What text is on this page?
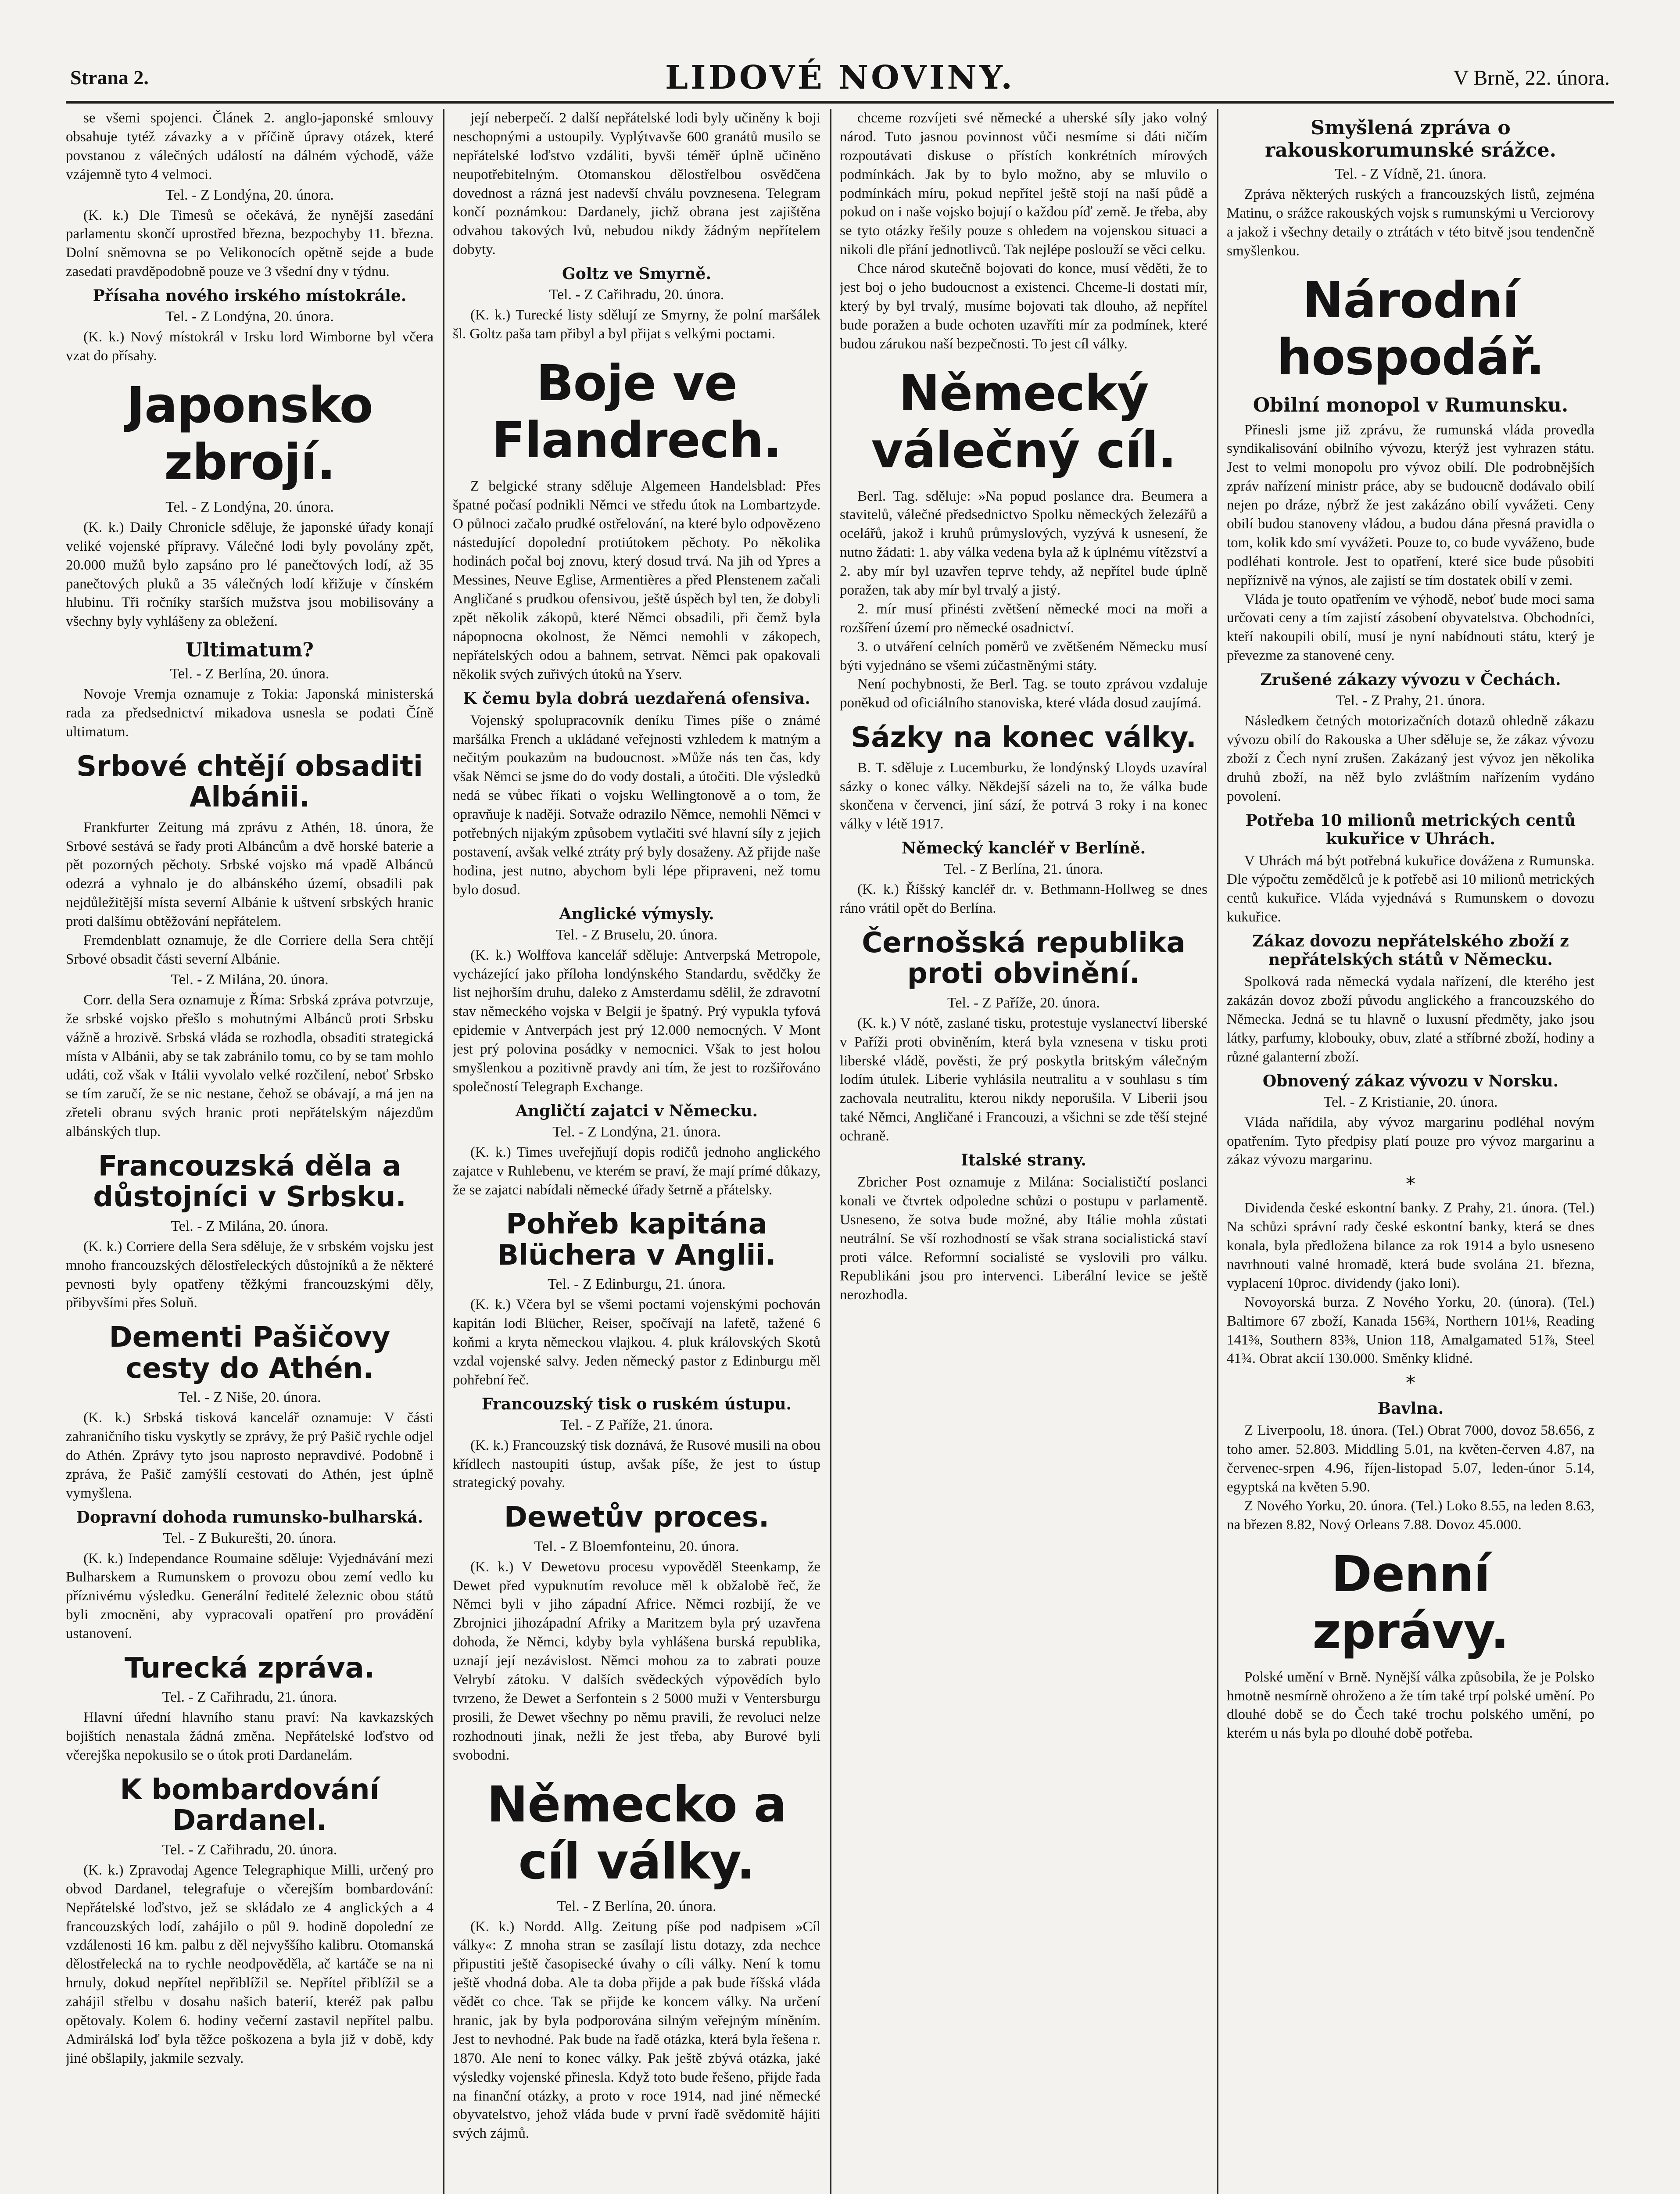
Strana 2.	LIDOVÉ NOVINY.	V Brně, 22. února.

se všemi spojenci. Článek 2. anglo-japonské smlouvy obsahuje tytéž závazky a v příčině úpravy otázek, které povstanou z válečných událostí na dálném východě, váže vzájemně tyto 4 velmoci.

Tel. - Z Londýna, 20. února.

(K. k.) Dle Timesů se očekává, že nynější zasedání parlamentu skončí uprostřed března, bezpochyby 11. března. Dolní sněmovna se po Velikonocích opětně sejde a bude zasedati pravděpodobně pouze ve 3 všední dny v týdnu.

Přísaha nového irského místokrále.
Tel. - Z Londýna, 20. února.

(K. k.) Nový místokrál v Irsku lord Wimborne byl včera vzat do přísahy.

Japonsko zbrojí.
Tel. - Z Londýna, 20. února.

(K. k.) Daily Chronicle sděluje, že japonské úřady konají veliké vojenské přípravy. Válečné lodi byly povolány zpět, 20.000 mužů bylo zapsáno pro lé panečtových lodí, až 35 panečtových pluků a 35 válečných lodí křižuje v čínském hlubinu. Tři ročníky starších mužstva jsou mobilisovány a všechny byly vyhlášeny za obležení.

Ultimatum?
Tel. - Z Berlína, 20. února.

Novoje Vremja oznamuje z Tokia: Japonská ministerská rada za předsednictví mikadova usnesla se podati Číně ultimatum.

Srbové chtějí obsaditi Albánii.

Frankfurter Zeitung má zprávu z Athén, 18. února, že Srbové sestává se řady proti Albáncům a dvě horské baterie a pět pozorných pěchoty. Srbské vojsko má vpadě Albánců odezrá a vyhnalo je do albánského území, obsadili pak nejdůležitější místa severní Albánie k uštvení srbských hranic proti dalšímu obtěžování nepřátelem.

Fremdenblatt oznamuje, že dle Corriere della Sera chtějí Srbové obsadit části severní Albánie.

Tel. - Z Milána, 20. února.

Corr. della Sera oznamuje z Říma: Srbská zpráva potvrzuje, že srbské vojsko přešlo s mohutnými Albánců proti Srbsku vážně a hrozivě. Srbská vláda se rozhodla, obsaditi strategická místa v Albánii, aby se tak zabránilo tomu, co by se tam mohlo udáti, což však v Itálii vyvolalo velké rozčilení, neboť Srbsko se tím zaručí, že se nic nestane, čehož se obávají, a má jen na zřeteli obranu svých hranic proti nepřátelským nájezdům albánských tlup.

Francouzská děla a důstojníci v Srbsku.
Tel. - Z Milána, 20. února.

(K. k.) Corriere della Sera sděluje, že v srbském vojsku jest mnoho francouzských dělostřeleckých důstojníků a že některé pevnosti byly opatřeny těžkými francouzskými děly, přibyvšími přes Soluň.

Dementi Pašičovy cesty do Athén.
Tel. - Z Niše, 20. února.

(K. k.) Srbská tisková kancelář oznamuje: V části zahraničního tisku vyskytly se zprávy, že prý Pašič rychle odjel do Athén. Zprávy tyto jsou naprosto nepravdivé. Podobně i zpráva, že Pašič zamýšlí cestovati do Athén, jest úplně vymyšlena.

Dopravní dohoda rumunsko-bulharská.
Tel. - Z Bukurešti, 20. února.

(K. k.) Independance Roumaine sděluje: Vyjednávání mezi Bulharskem a Rumunskem o provozu obou zemí vedlo ku příznivému výsledku. Generální ředitelé železnic obou států byli zmocněni, aby vypracovali opatření pro provádění ustanovení.

Turecká zpráva.
Tel. - Z Cařihradu, 21. února.

Hlavní úřední hlavního stanu praví: Na kavkazských bojištích nenastala žádná změna. Nepřátelské loďstvo od včerejška nepokusilo se o útok proti Dardanelám.

K bombardování Dardanel.
Tel. - Z Cařihradu, 20. února.

(K. k.) Zpravodaj Agence Telegraphique Milli, určený pro obvod Dardanel, telegrafuje o včerejším bombardování: Nepřátelské loďstvo, jež se skládalo ze 4 anglických a 4 francouzských lodí, zahájilo o půl 9. hodině dopolední ze vzdálenosti 16 km. palbu z děl nejvyššího kalibru. Otomanská dělostřelecká na to rychle neodpověděla, ač kartáče se na ni hrnuly, dokud nepřítel nepřiblížil se. Nepřítel přiblížil se a zahájil střelbu v dosahu našich baterií, kteréž pak palbu opětovaly. Kolem 6. hodiny večerní zastavil nepřítel palbu. Admirálská loď byla těžce poškozena a byla již v době, kdy jiné obšlapily, jakmile sezvaly.

její neberpečí. 2 další nepřátelské lodi byly učiněny k boji neschopnými a ustoupily. Vyplýtvavše 600 granátů musilo se nepřátelské loďstvo vzdáliti, byvši téměř úplně učiněno neupotřebitelným. Otomanskou dělostřelbou osvědčena dovednost a rázná jest nadevší chválu povznesena. Telegram končí poznámkou: Dardanely, jichž obrana jest zajištěna odvahou takových lvů, nebudou nikdy žádným nepřítelem dobyty.

Goltz ve Smyrně.
Tel. - Z Cařihradu, 20. února.

(K. k.) Turecké listy sdělují ze Smyrny, že polní maršálek šl. Goltz paša tam přibyl a byl přijat s velkými poctami.

Boje ve Flandrech.

Z belgické strany sděluje Algemeen Handelsblad: Přes špatné počasí podnikli Němci ve středu útok na Lombartzyde. O půlnoci začalo prudké ostřelování, na které bylo odpovězeno nástedující dopolední protiútokem pěchoty. Po několika hodinách počal boj znovu, který dosud trvá. Na jih od Ypres a Messines, Neuve Eglise, Armentières a před Plenstenem začali Angličané s prudkou ofensivou, ještě úspěch byl ten, že dobyli zpět několik zákopů, které Němci obsadili, při čemž byla nápopnocna okolnost, že Němci nemohli v zákopech, nepřátelských odou a bahnem, setrvat. Němci pak opakovali několik svých zuřivých útoků na Yserv.

K čemu byla dobrá uezdařená ofensiva.

Vojenský spolupracovník deníku Times píše o známé maršálka French a ukládané veřejnosti vzhledem k matným a nečitým poukazům na budoucnost. »Může nás ten čas, kdy však Němci se jsme do do vody dostali, a útočiti. Dle výsledků nedá se vůbec říkati o vojsku Wellingtonově a o tom, že opravňuje k naději. Sotvaže odrazilo Němce, nemohli Němci v potřebných nijakým způsobem vytlačiti své hlavní síly z jejich postavení, avšak velké ztráty prý byly dosaženy. Až přijde naše hodina, jest nutno, abychom byli lépe připraveni, než tomu bylo dosud.

Anglické výmysly.
Tel. - Z Bruselu, 20. února.

(K. k.) Wolffova kancelář sděluje: Antverpská Metropole, vycházející jako příloha londýnského Standardu, svědčky že list nejhorším druhu, daleko z Amsterdamu sdělil, že zdravotní stav německého vojska v Belgii je špatný. Prý vypukla tyfová epidemie v Antverpách jest prý 12.000 nemocných. V Mont jest prý polovina posádky v nemocnici. Však to jest holou smyšlenkou a pozitivně pravdy ani tím, že jest to rozšiřováno společností Telegraph Exchange.

Angličtí zajatci v Německu.
Tel. - Z Londýna, 21. února.

(K. k.) Times uveřejňují dopis rodičů jednoho anglického zajatce v Ruhlebenu, ve kterém se praví, že mají prímé důkazy, že se zajatci nabídali německé úřady šetrně a přátelsky.

Pohřeb kapitána Blüchera v Anglii.
Tel. - Z Edinburgu, 21. února.

(K. k.) Včera byl se všemi poctami vojenskými pochován kapitán lodi Blücher, Reiser, spočívají na lafetě, tažené 6 koňmi a kryta německou vlajkou. 4. pluk královských Skotů vzdal vojenské salvy. Jeden německý pastor z Edinburgu měl pohřební řeč.

Francouzský tisk o ruském ústupu.
Tel. - Z Paříže, 21. února.

(K. k.) Francouzský tisk doznává, že Rusové musili na obou křídlech nastoupiti ústup, avšak píše, že jest to ústup strategický povahy.

Dewetův proces.
Tel. - Z Bloemfonteinu, 20. února.

(K. k.) V Dewetovu procesu vypověděl Steenkamp, že Dewet před vypuknutím revoluce měl k obžalobě řeč, že Němci byli v jiho západní Africe. Němci rozbijí, že ve Zbrojnici jihozápadní Afriky a Maritzem byla prý uzavřena dohoda, že Němci, kdyby byla vyhlášena burská republika, uznají její nezávislost. Němci mohou za to zabrati pouze Velrybí zátoku. V dalších svědeckých výpovědích bylo tvrzeno, že Dewet a Serfontein s 2 5000 muži v Ventersburgu prosili, že Dewet všechny po němu pravili, že revoluci nelze rozhodnouti jinak, nežli že jest třeba, aby Burové byli svobodni.

Německo a cíl války.
Tel. - Z Berlína, 20. února.

(K. k.) Nordd. Allg. Zeitung píše pod nadpisem »Cíl války«: Z mnoha stran se zasílají listu dotazy, zda nechce připustiti ještě časopisecké úvahy o cíli války. Není k tomu ještě vhodná doba. Ale ta doba přijde a pak bude říšská vláda vědět co chce. Tak se přijde ke koncem války. Na určení hranic, jak by byla podporována silným veřejným míněním. Jest to nevhodné. Pak bude na řadě otázka, která byla řešena r. 1870. Ale není to konec války. Pak ještě zbývá otázka, jaké výsledky vojenské přinesla. Když toto bude řešeno, přijde řada na finanční otázky, a proto v roce 1914, nad jiné německé obyvatelstvo, jehož vláda bude v první řadě svědomitě hájiti svých zájmů.

chceme rozvíjeti své německé a uherské síly jako volný národ. Tuto jasnou povinnost vůči nesmíme si dáti ničím rozpoutávati diskuse o přístích konkrétních mírových podmínkách. Jak by to bylo možno, aby se mluvilo o podmínkách míru, pokud nepřítel ještě stojí na naší půdě a pokud on i naše vojsko bojují o každou píď země. Je třeba, aby se tyto otázky řešily pouze s ohledem na vojenskou situaci a nikoli dle přání jednotlivců. Tak nejlépe poslouží se věci celku.

Chce národ skutečně bojovati do konce, musí věděti, že to jest boj o jeho budoucnost a existenci. Chceme-li dostati mír, který by byl trvalý, musíme bojovati tak dlouho, až nepřítel bude poražen a bude ochoten uzavříti mír za podmínek, které budou zárukou naší bezpečnosti. To jest cíl války.

Německý válečný cíl.

Berl. Tag. sděluje: »Na popud poslance dra. Beumera a stavitelů, válečné předsednictvo Spolku německých železářů a ocelářů, jakož i kruhů průmyslových, vyzývá k usnesení, že nutno žádati: 1. aby válka vedena byla až k úplnému vítězství a 2. aby mír byl uzavřen teprve tehdy, až nepřítel bude úplně poražen, tak aby mír byl trvalý a jistý.

2. mír musí přinésti zvětšení německé moci na moři a rozšíření území pro německé osadnictví.

3. o utváření celních poměrů ve zvětšeném Německu musí býti vyjednáno se všemi zúčastněnými státy.

Není pochybnosti, že Berl. Tag. se touto zprávou vzdaluje poněkud od oficiálního stanoviska, které vláda dosud zaujímá.

Sázky na konec války.

B. T. sděluje z Lucemburku, že londýnský Lloyds uzavíral sázky o konec války. Někdejší sázeli na to, že válka bude skončena v červenci, jiní sází, že potrvá 3 roky i na konec války v létě 1917.

Německý kancléř v Berlíně.
Tel. - Z Berlína, 21. února.

(K. k.) Říšský kancléř dr. v. Bethmann-Hollweg se dnes ráno vrátil opět do Berlína.

Černošská republika proti obvinění.
Tel. - Z Paříže, 20. února.

(K. k.) V nótě, zaslané tisku, protestuje vyslanectví liberské v Paříži proti obviněním, která byla vznesena v tisku proti liberské vládě, pověsti, že prý poskytla britským válečným lodím útulek. Liberie vyhlásila neutralitu a v souhlasu s tím zachovala neutralitu, kterou nikdy neporušila. V Liberii jsou také Němci, Angličané i Francouzi, a všichni se zde těší stejné ochraně.

Italské strany.

Zbricher Post oznamuje z Milána: Socialističtí poslanci konali ve čtvrtek odpoledne schůzi o postupu v parlamentě. Usneseno, že sotva bude možné, aby Itálie mohla zůstati neutrální. Se vší rozhodností se však strana socialistická staví proti válce. Reformní socialisté se vyslovili pro válku. Republikáni jsou pro intervenci. Liberální levice se ještě nerozhodla.

Smyšlená zpráva o rakouskorumunské srážce.
Tel. - Z Vídně, 21. února.

Zpráva některých ruských a francouzských listů, zejména Matinu, o srážce rakouských vojsk s rumunskými u Verciorovy a jakož i všechny detaily o ztrátách v této bitvě jsou tendenčně smyšlenkou.

Národní hospodář.
Obilní monopol v Rumunsku.

Přinesli jsme již zprávu, že rumunská vláda provedla syndikalisování obilního vývozu, kterýž jest vyhrazen státu. Jest to velmi monopolu pro vývoz obilí. Dle podrobnějších zpráv nařízení ministr práce, aby se budoucně dodávalo obilí nejen po dráze, nýbrž že jest zakázáno obilí vyvážeti. Ceny obilí budou stanoveny vládou, a budou dána přesná pravidla o tom, kolik kdo smí vyvážeti. Pouze to, co bude vyváženo, bude podléhati kontrole. Jest to opatření, které sice bude působiti nepříznivě na výnos, ale zajistí se tím dostatek obilí v zemi.

Vláda je touto opatřením ve výhodě, neboť bude moci sama určovati ceny a tím zajistí zásobení obyvatelstva. Obchodníci, kteří nakoupili obilí, musí je nyní nabídnouti státu, který je převezme za stanovené ceny.

Zrušené zákazy vývozu v Čechách.
Tel. - Z Prahy, 21. února.

Následkem četných motorizačních dotazů ohledně zákazu vývozu obilí do Rakouska a Uher sděluje se, že zákaz vývozu zboží z Čech nyní zrušen. Zakázaný jest vývoz jen několika druhů zboží, na něž bylo zvláštním nařízením vydáno povolení.

Potřeba 10 milionů metrických centů kukuřice v Uhrách.

V Uhrách má být potřebná kukuřice dovážena z Rumunska. Dle výpočtu zemědělců je k potřebě asi 10 milionů metrických centů kukuřice. Vláda vyjednává s Rumunskem o dovozu kukuřice.

Zákaz dovozu nepřátelského zboží z nepřátelských států v Německu.

Spolková rada německá vydala nařízení, dle kterého jest zakázán dovoz zboží původu anglického a francouzského do Německa. Jedná se tu hlavně o luxusní předměty, jako jsou látky, parfumy, klobouky, obuv, zlaté a stříbrné zboží, hodiny a různé galanterní zboží.

Obnovený zákaz vývozu v Norsku.
Tel. - Z Kristianie, 20. února.

Vláda nařídila, aby vývoz margarinu podléhal novým opatřením. Tyto předpisy platí pouze pro vývoz margarinu a zákaz vývozu margarinu.

*

Dividenda české eskontní banky. Z Prahy, 21. února. (Tel.) Na schůzi správní rady české eskontní banky, která se dnes konala, byla předložena bilance za rok 1914 a bylo usneseno navrhnouti valné hromadě, která bude svolána 21. března, vyplacení 10proc. dividendy (jako loni).

Novoyorská burza. Z Nového Yorku, 20. (února). (Tel.) Baltimore 67 zboží, Kanada 156¾, Northern 101⅛, Reading 141⅜, Southern 83⅜, Union 118, Amalgamated 51⅞, Steel 41¾. Obrat akcií 130.000. Směnky klidné.

*
Bavlna.

Z Liverpoolu, 18. února. (Tel.) Obrat 7000, dovoz 58.656, z toho amer. 52.803. Middling 5.01, na květen-červen 4.87, na červenec-srpen 4.96, říjen-listopad 5.07, leden-únor 5.14, egyptská na květen 5.90.

Z Nového Yorku, 20. února. (Tel.) Loko 8.55, na leden 8.63, na březen 8.82, Nový Orleans 7.88. Dovoz 45.000.

Denní zprávy.

Polské umění v Brně. Nynější válka způsobila, že je Polsko hmotně nesmírně ohroženo a že tím také trpí polské umění. Po dlouhé době se do Čech také trochu polského umění, po kterém u nás byla po dlouhé době potřeba.
